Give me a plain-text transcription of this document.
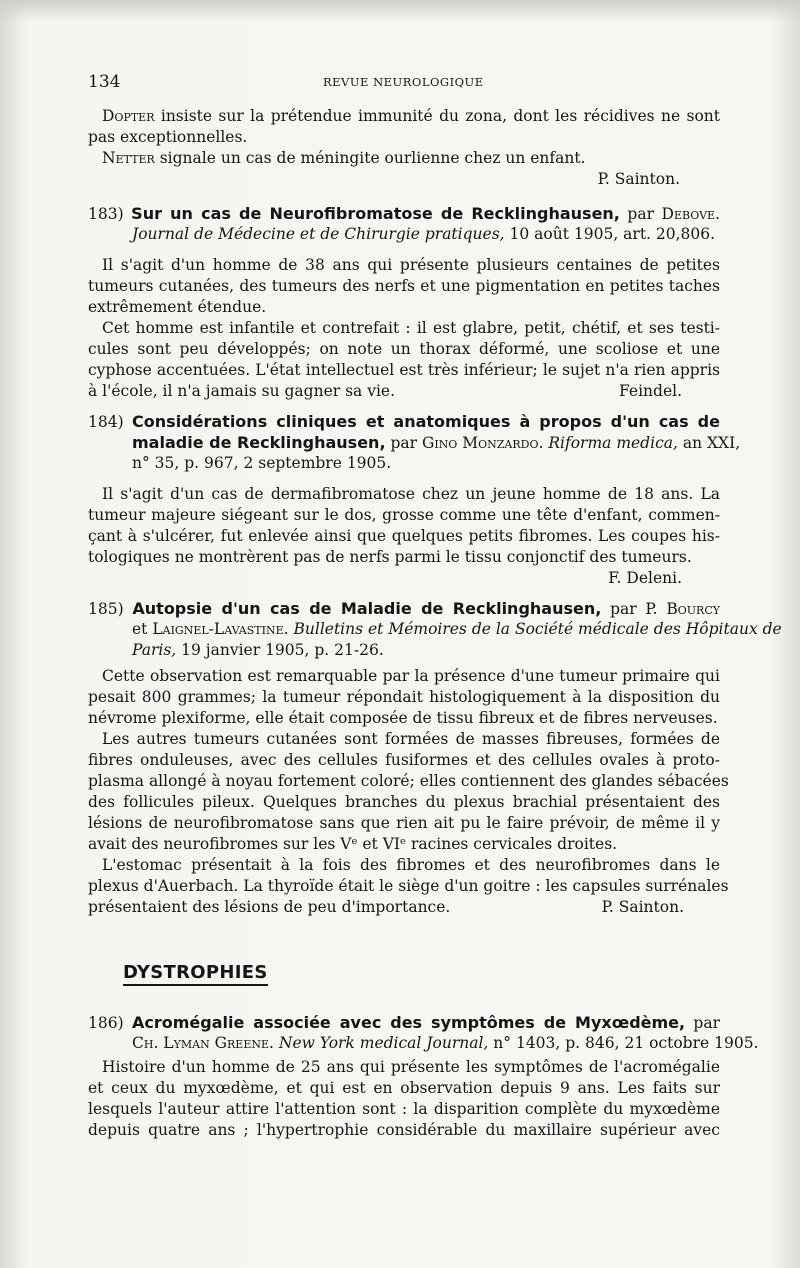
134	REVUE NEUROLOGIQUE
Dopter insiste sur la prétendue immunité du zona, dont les récidives ne sont
pas exceptionnelles.
Netter signale un cas de méningite ourlienne chez un enfant.
P. Sainton.
183) Sur un cas de Neurofibromatose de Recklinghausen, par Debove.
Journal de Médecine et de Chirurgie pratiques, 10 août 1905, art. 20,806.
Il s'agit d'un homme de 38 ans qui présente plusieurs centaines de petites
tumeurs cutanées, des tumeurs des nerfs et une pigmentation en petites taches
extrêmement étendue.
Cet homme est infantile et contrefait : il est glabre, petit, chétif, et ses testi-
cules sont peu développés; on note un thorax déformé, une scoliose et une
cyphose accentuées. L'état intellectuel est très inférieur; le sujet n'a rien appris
à l'école, il n'a jamais su gagner sa vie.	Feindel.
184) Considérations cliniques et anatomiques à propos d'un cas de
maladie de Recklinghausen, par Gino Monzardo. Riforma medica, an XXI,
n° 35, p. 967, 2 septembre 1905.
Il s'agit d'un cas de dermafibromatose chez un jeune homme de 18 ans. La
tumeur majeure siégeant sur le dos, grosse comme une tête d'enfant, commen-
çant à s'ulcérer, fut enlevée ainsi que quelques petits fibromes. Les coupes his-
tologiques ne montrèrent pas de nerfs parmi le tissu conjonctif des tumeurs.
F. Deleni.
185) Autopsie d'un cas de Maladie de Recklinghausen, par P. Bourcy
et Laignel-Lavastine. Bulletins et Mémoires de la Société médicale des Hôpitaux de
Paris, 19 janvier 1905, p. 21-26.
Cette observation est remarquable par la présence d'une tumeur primaire qui
pesait 800 grammes; la tumeur répondait histologiquement à la disposition du
névrome plexiforme, elle était composée de tissu fibreux et de fibres nerveuses.
Les autres tumeurs cutanées sont formées de masses fibreuses, formées de
fibres onduleuses, avec des cellules fusiformes et des cellules ovales à proto-
plasma allongé à noyau fortement coloré; elles contiennent des glandes sébacées
des follicules pileux. Quelques branches du plexus brachial présentaient des
lésions de neurofibromatose sans que rien ait pu le faire prévoir, de même il y
avait des neurofibromes sur les Vᵉ et VIᵉ racines cervicales droites.
L'estomac présentait à la fois des fibromes et des neurofibromes dans le
plexus d'Auerbach. La thyroïde était le siège d'un goitre : les capsules surrénales
présentaient des lésions de peu d'importance.	P. Sainton.
DYSTROPHIES
186) Acromégalie associée avec des symptômes de Myxœdème, par
Ch. Lyman Greene. New York medical Journal, n° 1403, p. 846, 21 octobre 1905.
Histoire d'un homme de 25 ans qui présente les symptômes de l'acromégalie
et ceux du myxœdème, et qui est en observation depuis 9 ans. Les faits sur
lesquels l'auteur attire l'attention sont : la disparition complète du myxœdème
depuis quatre ans ; l'hypertrophie considérable du maxillaire supérieur avec
